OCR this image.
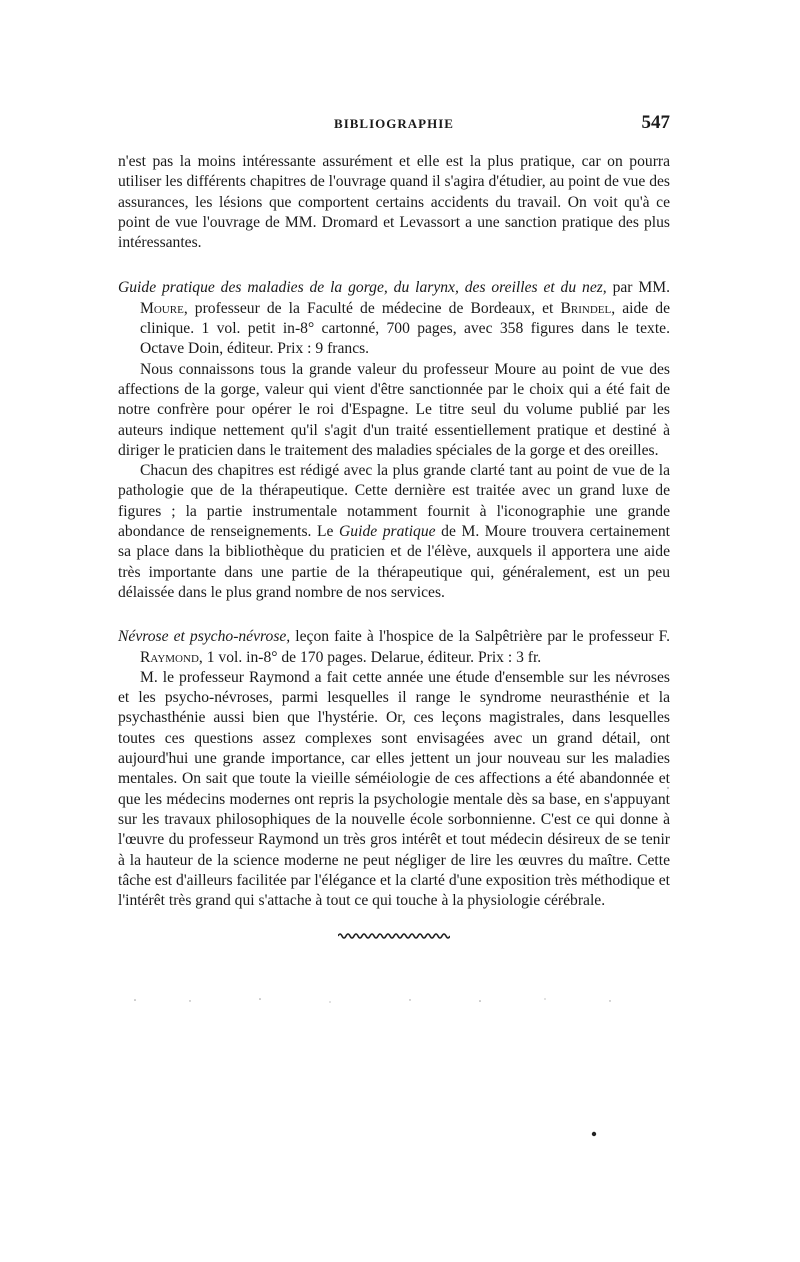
BIBLIOGRAPHIE	547

n'est pas la moins intéressante assurément et elle est la plus pratique, car on pourra utiliser les différents chapitres de l'ouvrage quand il s'agira d'étudier, au point de vue des assurances, les lésions que comportent certains accidents du travail. On voit qu'à ce point de vue l'ouvrage de MM. Dromard et Levassort a une sanction pratique des plus intéressantes.

Guide pratique des maladies de la gorge, du larynx, des oreilles et du nez, par MM. Moure, professeur de la Faculté de médecine de Bordeaux, et Brindel, aide de clinique. 1 vol. petit in-8° cartonné, 700 pages, avec 358 figures dans le texte. Octave Doin, éditeur. Prix : 9 francs.

Nous connaissons tous la grande valeur du professeur Moure au point de vue des affections de la gorge, valeur qui vient d'être sanctionnée par le choix qui a été fait de notre confrère pour opérer le roi d'Espagne. Le titre seul du volume publié par les auteurs indique nettement qu'il s'agit d'un traité essentiellement pratique et destiné à diriger le praticien dans le traitement des maladies spéciales de la gorge et des oreilles.

Chacun des chapitres est rédigé avec la plus grande clarté tant au point de vue de la pathologie que de la thérapeutique. Cette dernière est traitée avec un grand luxe de figures ; la partie instrumentale notamment fournit à l'iconographie une grande abondance de renseignements. Le Guide pratique de M. Moure trouvera certainement sa place dans la bibliothèque du praticien et de l'élève, auxquels il apportera une aide très importante dans une partie de la thérapeutique qui, généralement, est un peu délaissée dans le plus grand nombre de nos services.

Névrose et psycho-névrose, leçon faite à l'hospice de la Salpêtrière par le professeur F. Raymond, 1 vol. in-8° de 170 pages. Delarue, éditeur. Prix : 3 fr.

M. le professeur Raymond a fait cette année une étude d'ensemble sur les névroses et les psycho-névroses, parmi lesquelles il range le syndrome neurasthénie et la psychasthénie aussi bien que l'hystérie. Or, ces leçons magistrales, dans lesquelles toutes ces questions assez complexes sont envisagées avec un grand détail, ont aujourd'hui une grande importance, car elles jettent un jour nouveau sur les maladies mentales. On sait que toute la vieille séméiologie de ces affections a été abandonnée et que les médecins modernes ont repris la psychologie mentale dès sa base, en s'appuyant sur les travaux philosophiques de la nouvelle école sorbonnienne. C'est ce qui donne à l'œuvre du professeur Raymond un très gros intérêt et tout médecin désireux de se tenir à la hauteur de la science moderne ne peut négliger de lire les œuvres du maître. Cette tâche est d'ailleurs facilitée par l'élégance et la clarté d'une exposition très méthodique et l'intérêt très grand qui s'attache à tout ce qui touche à la physiologie cérébrale.
